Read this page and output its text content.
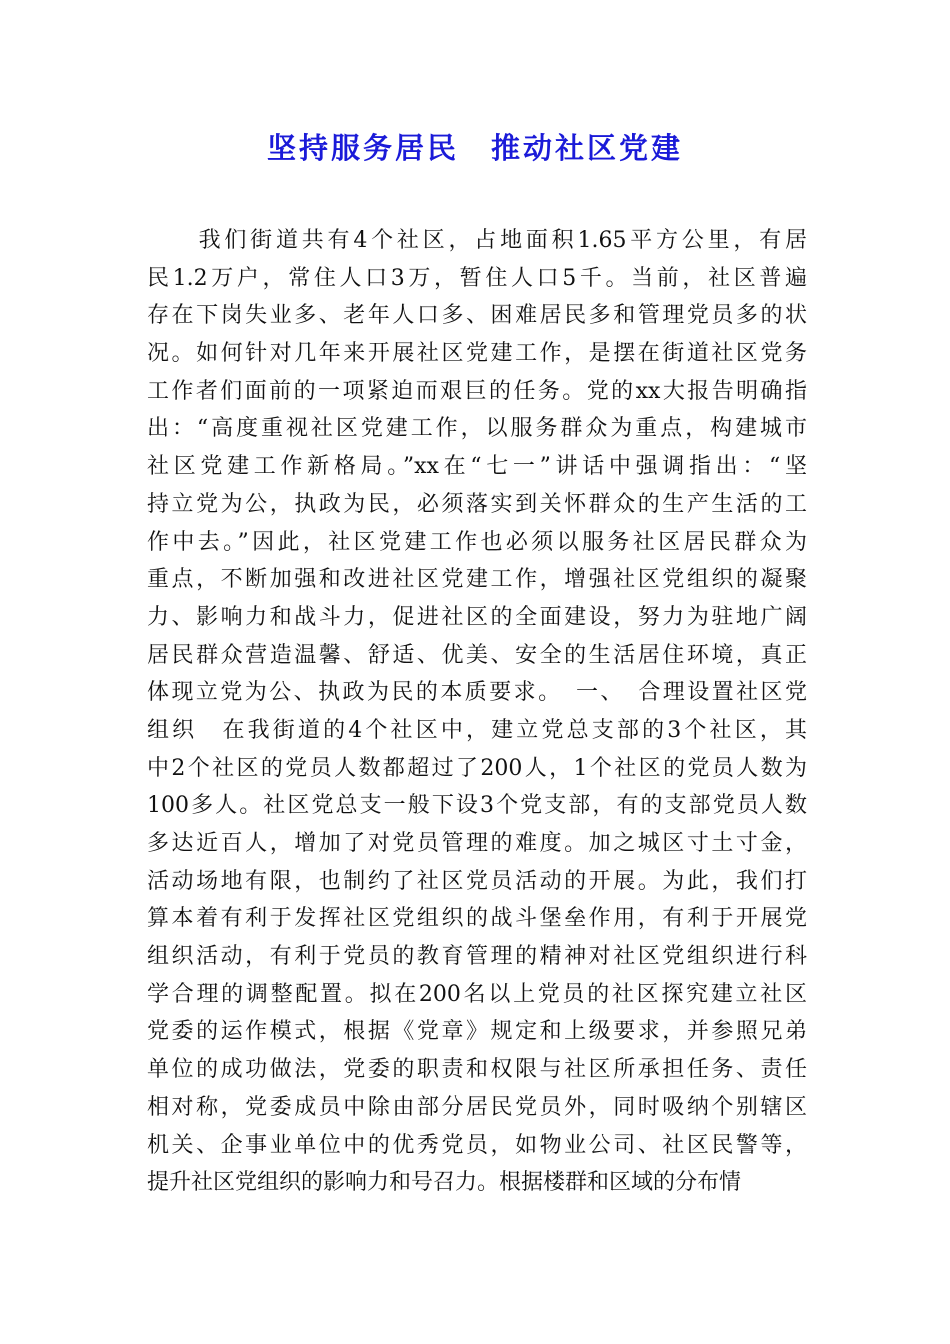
坚持服务居民　推动社区党建
　　我们街道共有4个社区，占地面积1.65平方公里，有居
民1.2万户，常住人口3万，暂住人口5千。当前，社区普遍
存在下岗失业多、老年人口多、困难居民多和管理党员多的状
况。如何针对几年来开展社区党建工作，是摆在街道社区党务
工作者们面前的一项紧迫而艰巨的任务。党的xx大报告明确指
出：“高度重视社区党建工作，以服务群众为重点，构建城市
社区党建工作新格局。”xx在“七一”讲话中强调指出：“坚
持立党为公，执政为民，必须落实到关怀群众的生产生活的工
作中去。”因此，社区党建工作也必须以服务社区居民群众为
重点，不断加强和改进社区党建工作，增强社区党组织的凝聚
力、影响力和战斗力，促进社区的全面建设，努力为驻地广阔
居民群众营造温馨、舒适、优美、安全的生活居住环境，真正
体现立党为公、执政为民的本质要求。　一、　合理设置社区党
组织　在我街道的4个社区中，建立党总支部的3个社区，其
中2个社区的党员人数都超过了200人，1个社区的党员人数为
100多人。社区党总支一般下设3个党支部，有的支部党员人数
多达近百人，增加了对党员管理的难度。加之城区寸土寸金，
活动场地有限，也制约了社区党员活动的开展。为此，我们打
算本着有利于发挥社区党组织的战斗堡垒作用，有利于开展党
组织活动，有利于党员的教育管理的精神对社区党组织进行科
学合理的调整配置。拟在200名以上党员的社区探究建立社区
党委的运作模式，根据《党章》规定和上级要求，并参照兄弟
单位的成功做法，党委的职责和权限与社区所承担任务、责任
相对称，党委成员中除由部分居民党员外，同时吸纳个别辖区
机关、企事业单位中的优秀党员，如物业公司、社区民警等，
提升社区党组织的影响力和号召力。根据楼群和区域的分布情
